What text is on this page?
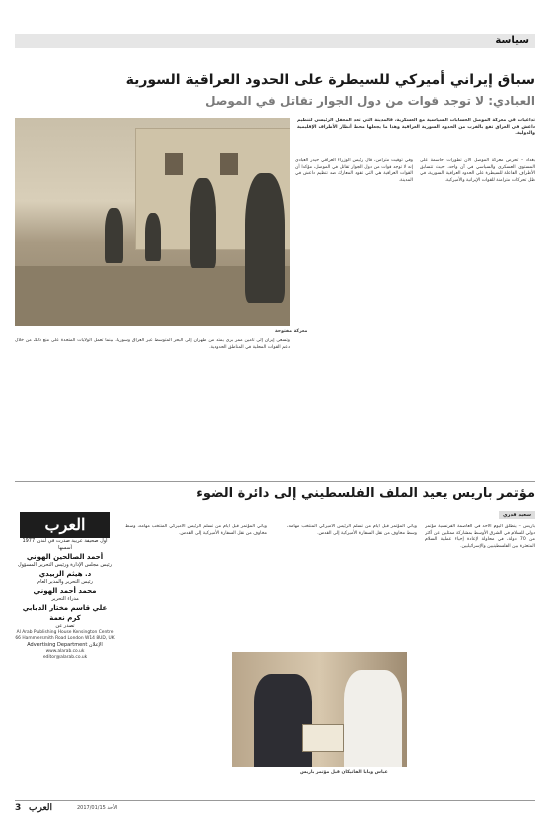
سياسة
سباق إيراني أميركي للسيطرة على الحدود العراقية السورية
العبادي: لا توجد قوات من دول الجوار تقاتل في الموصل
تداعيات في معركة الموصل الحسابات السياسية مع العسكرية، فالمدينة التي تعد المعقل الرئيسي لتنظيم داعش في العراق تقع بالقرب من الحدود السورية العراقية وهذا ما يجعلها محط أنظار الأطراف الإقليمية والدولية.
بغداد – تحرص معركة الموصل الآن تطورات حاسمة على المستوى العسكري والسياسي في آن واحد، حيث تتسابق الأطراف الفاعلة للسيطرة على الحدود العراقية السورية، في ظل تحركات متزامنة للقوات الإيرانية والأميركية.
وفي توقيت متزامن، قال رئيس الوزراء العراقي حيدر العبادي إنه لا توجد قوات من دول الجوار تقاتل في الموصل، مؤكدا أن القوات العراقية هي التي تقود المعارك ضد تنظيم داعش في المدينة.
معركة مفتوحة
وتسعى إيران إلى تأمين ممر بري يمتد من طهران إلى البحر المتوسط عبر العراق وسوريا، بينما تعمل الولايات المتحدة على منع ذلك من خلال دعم القوات المحلية في المناطق الحدودية.
مؤتمر باريس يعيد الملف الفلسطيني إلى دائرة الضوء
سعيد قدري
باريس – ينطلق اليوم الأحد في العاصمة الفرنسية مؤتمر دولي للسلام في الشرق الأوسط بمشاركة ممثلين عن أكثر من 70 دولة، في محاولة لإعادة إحياء عملية السلام المتعثرة بين الفلسطينيين والإسرائيليين.
ويأتي المؤتمر قبل أيام من تسلم الرئيس الأميركي المنتخب مهامه، وسط مخاوف من نقل السفارة الأميركية إلى القدس.
ويأتي المؤتمر قبل أيام من تسلم الرئيس الأميركي المنتخب مهامه، وسط مخاوف من نقل السفارة الأميركية إلى القدس.
عباس وبابا الفاتيكان قبل مؤتمر باريس
العرب
أول صحيفة عربية صدرت في لندن 1977
أسسها
أحمد الصالحين الهوني
رئيس مجلس الإدارة ورئيس التحرير المسؤول
د. هيثم الزبيدي
رئيس التحرير والمدير العام
محمد أحمد الهوني
مدراء التحرير
علي قاسم مختار الدبابي كرم نعمة
تصدر عن
Al Arab Publishing House Kensington Centre 66 Hammersmith Road London W14 8UD, UK
الإعلان Advertising Department
www.alarab.co.uk
editor@alarab.co.uk
3 العرب	الأحد 2017/01/15
